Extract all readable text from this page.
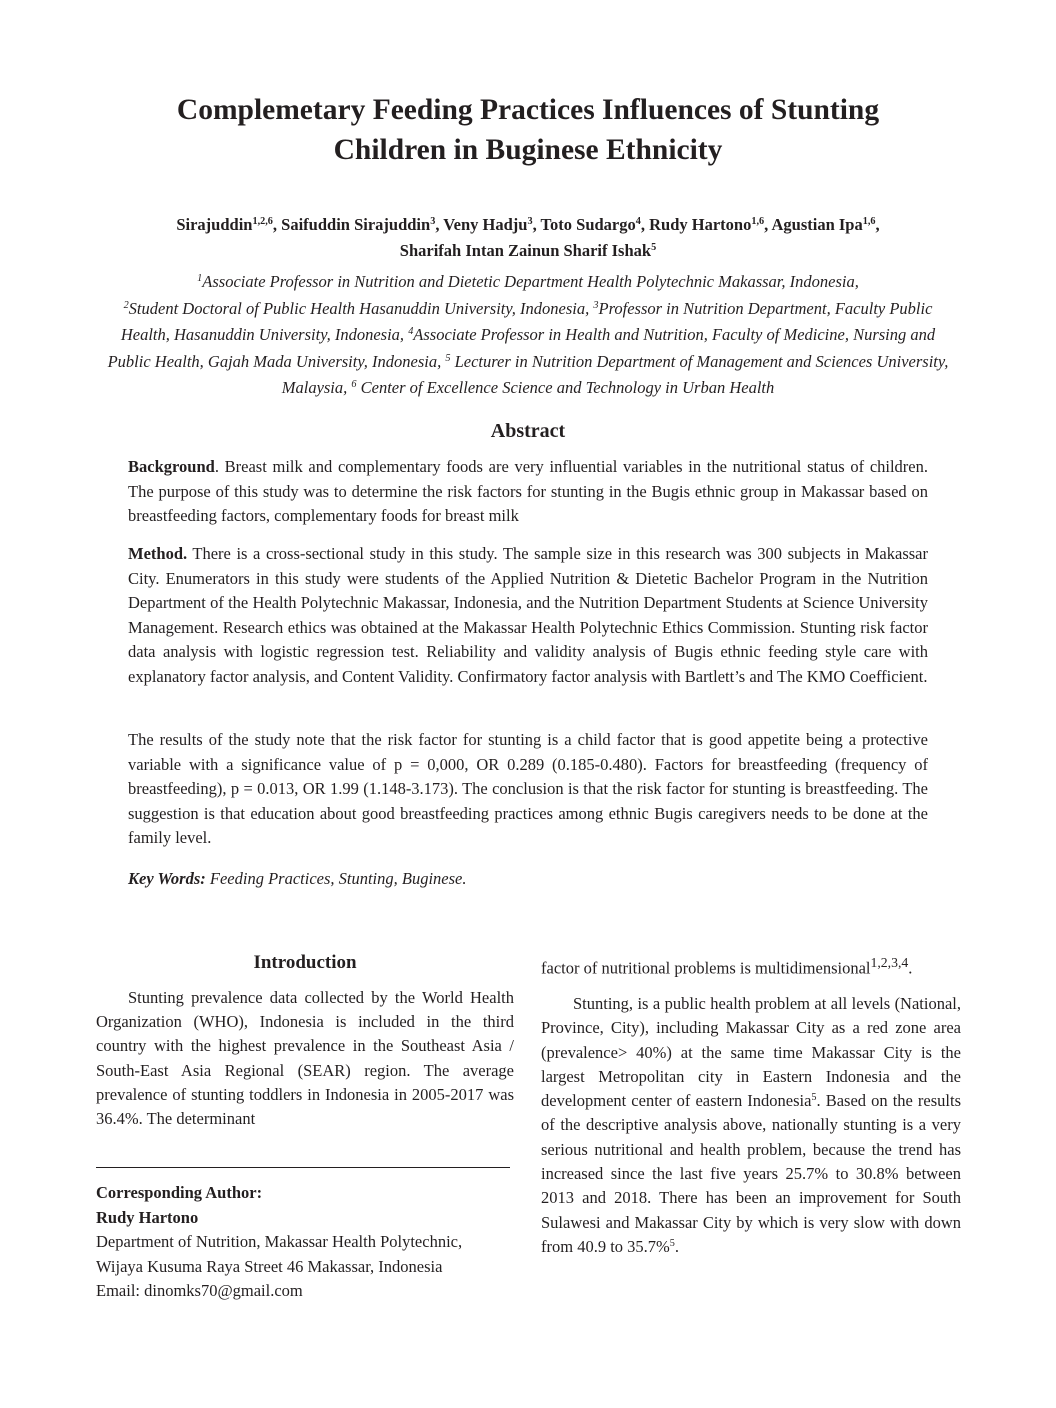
Complemetary Feeding Practices Influences of Stunting
Children in Buginese Ethnicity
Sirajuddin$^{1,2,6}$, Saifuddin Sirajuddin$^3$, Veny Hadju$^3$, Toto Sudargo$^4$, Rudy Hartono$^{1,6}$, Agustian Ipa$^{1,6}$,
Sharifah Intan Zainun Sharif Ishak$^5$
$^1$Associate Professor in Nutrition and Dietetic Department Health Polytechnic Makassar, Indonesia,
$^2$Student Doctoral of Public Health Hasanuddin University, Indonesia, $^3$Professor in Nutrition Department, Faculty Public Health, Hasanuddin University, Indonesia, $^4$Associate Professor in Health and Nutrition, Faculty of Medicine, Nursing and Public Health, Gajah Mada University, Indonesia, $^5$ Lecturer in Nutrition Department of Management and Sciences University, Malaysia, $^6$ Center of Excellence Science and Technology in Urban Health
Abstract
Background. Breast milk and complementary foods are very influential variables in the nutritional status of children. The purpose of this study was to determine the risk factors for stunting in the Bugis ethnic group in Makassar based on breastfeeding factors, complementary foods for breast milk
Method. There is a cross-sectional study in this study. The sample size in this research was 300 subjects in Makassar City. Enumerators in this study were students of the Applied Nutrition & Dietetic Bachelor Program in the Nutrition Department of the Health Polytechnic Makassar, Indonesia, and the Nutrition Department Students at Science University Management. Research ethics was obtained at the Makassar Health Polytechnic Ethics Commission. Stunting risk factor data analysis with logistic regression test. Reliability and validity analysis of Bugis ethnic feeding style care with explanatory factor analysis, and Content Validity. Confirmatory factor analysis with Bartlett’s and The KMO Coefficient.
The results of the study note that the risk factor for stunting is a child factor that is good appetite being a protective variable with a significance value of p = 0,000, OR 0.289 (0.185-0.480). Factors for breastfeeding (frequency of breastfeeding), p = 0.013, OR 1.99 (1.148-3.173). The conclusion is that the risk factor for stunting is breastfeeding. The suggestion is that education about good breastfeeding practices among ethnic Bugis caregivers needs to be done at the family level.
Key Words: Feeding Practices, Stunting, Buginese.
Introduction
Stunting prevalence data collected by the World Health Organization (WHO), Indonesia is included in the third country with the highest prevalence in the Southeast Asia / South-East Asia Regional (SEAR) region. The average prevalence of stunting toddlers in Indonesia in 2005-2017 was 36.4%. The determinant
Corresponding Author:
Rudy Hartono
Department of Nutrition, Makassar Health Polytechnic,
Wijaya Kusuma Raya Street 46 Makassar, Indonesia
Email: dinomks70@gmail.com
factor of nutritional problems is multidimensional$^{1,2,3,4}$.
Stunting, is a public health problem at all levels (National, Province, City), including Makassar City as a red zone area (prevalence> 40%) at the same time Makassar City is the largest Metropolitan city in Eastern Indonesia and the development center of eastern Indonesia$^5$. Based on the results of the descriptive analysis above, nationally stunting is a very serious nutritional and health problem, because the trend has increased since the last five years 25.7% to 30.8% between 2013 and 2018. There has been an improvement for South Sulawesi and Makassar City by which is very slow with down from 40.9 to 35.7%$^5$.
